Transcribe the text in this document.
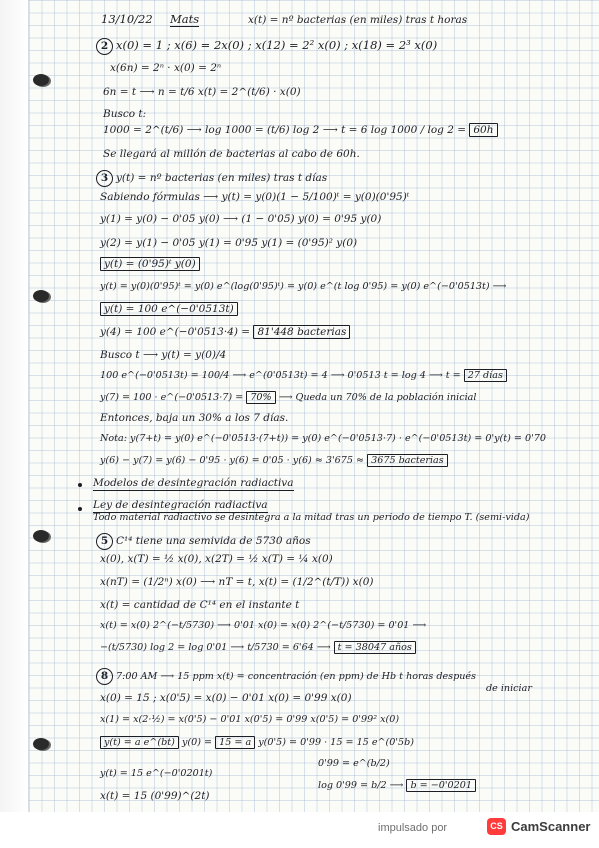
13/10/22 Mats	x(t) = nº bacterias (en miles) tras t horas
2 x(0) = 1 ; x(6) = 2x(0) ; x(12) = 2² x(0) ; x(18) = 2³ x(0)
x(6n) = 2ⁿ · x(0) = 2ⁿ
6n = t ⟶ n = t/6 x(t) = 2^(t/6) · x(0)
Busco t:
1000 = 2^(t/6) ⟶ log 1000 = (t/6) log 2 ⟶ t = 6 log 1000 / log 2 = 60h
Se llegará al millón de bacterias al cabo de 60h.
3 y(t) = nº bacterias (en miles) tras t días
Sabiendo fórmulas ⟶ y(t) = y(0)(1 − 5/100)ᵗ = y(0)(0'95)ᵗ
y(1) = y(0) − 0'05 y(0) ⟶ (1 − 0'05) y(0) = 0'95 y(0)
y(2) = y(1) − 0'05 y(1) = 0'95 y(1) = (0'95)² y(0)
y(t) = (0'95)ᵗ y(0)
y(t) = y(0)(0'95)ᵗ = y(0) e^(log(0'95)ᵗ) = y(0) e^(t log 0'95) = y(0) e^(−0'0513t) ⟶
y(t) = 100 e^(−0'0513t)
y(4) = 100 e^(−0'0513·4) = 81'448 bacterias
Busco t ⟶ y(t) = y(0)/4
100 e^(−0'0513t) = 100/4 ⟶ e^(0'0513t) = 4 ⟶ 0'0513 t = log 4 ⟶ t = 27 días
y(7) = 100 · e^(−0'0513·7) = 70% ⟶ Queda un 70% de la población inicial
Entonces, baja un 30% a los 7 días.
Nota: y(7+t) = y(0) e^(−0'0513·(7+t)) = y(0) e^(−0'0513·7) · e^(−0'0513t) = 0'y(t) = 0'70
y(6) − y(7) = y(6) − 0'95 · y(6) = 0'05 · y(6) ≈ 3'675 ≈ 3675 bacterias
Modelos de desintegración radiactiva
Ley de desintegración radiactiva
Todo material radiactivo se desintegra a la mitad tras un periodo de tiempo T. (semi-vida)
5 C¹⁴ tiene una semivida de 5730 años
x(0), x(T) = ½ x(0), x(2T) = ½ x(T) = ¼ x(0)
x(nT) = (1/2ⁿ) x(0) ⟶ nT = t, x(t) = (1/2^(t/T)) x(0)
x(t) = cantidad de C¹⁴ en el instante t
x(t) = x(0) 2^(−t/5730) ⟶ 0'01 x(0) = x(0) 2^(−t/5730) = 0'01 ⟶
−(t/5730) log 2 = log 0'01 ⟶ t/5730 = 6'64 ⟶ t = 38047 años
8 7:00 AM ⟶ 15 ppm x(t) = concentración (en ppm) de Hb t horas después
de iniciar
x(0) = 15 ; x(0'5) = x(0) − 0'01 x(0) = 0'99 x(0)
x(1) = x(2·½) = x(0'5) − 0'01 x(0'5) = 0'99 x(0'5) = 0'99² x(0)
y(t) = a e^(bt) y(0) = 15 = a y(0'5) = 0'99 · 15 = 15 e^(0'5b)
0'99 = e^(b/2)
y(t) = 15 e^(−0'0201t)
log 0'99 = b/2 ⟶ b = −0'0201
x(t) = 15 (0'99)^(2t)
impulsado por	CS CamScanner
